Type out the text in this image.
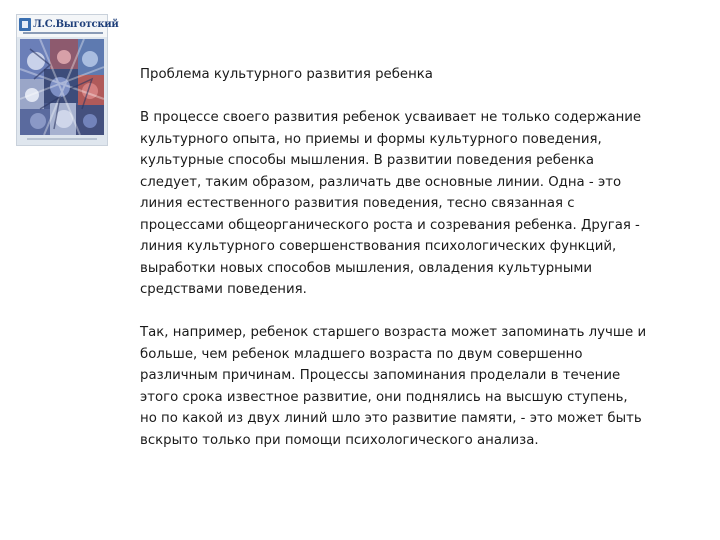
Л.С.Выготский

Проблема культурного развития ребенка

В процессе своего развития ребенок усваивает не только содержание
культурного опыта, но приемы и формы культурного поведения,
культурные способы мышления. В развитии поведения ребенка
следует, таким образом, различать две основные линии. Одна - это
линия естественного развития поведения, тесно связанная с
процессами общеорганического роста и созревания ребенка. Другая -
линия культурного совершенствования психологических функций,
выработки новых способов мышления, овладения культурными
средствами поведения.

Так, например, ребенок старшего возраста может запоминать лучше и
больше, чем ребенок младшего возраста по двум совершенно
различным причинам. Процессы запоминания проделали в течение
этого срока известное развитие, они поднялись на высшую ступень,
но по какой из двух линий шло это развитие памяти, - это может быть
вскрыто только при помощи психологического анализа.
